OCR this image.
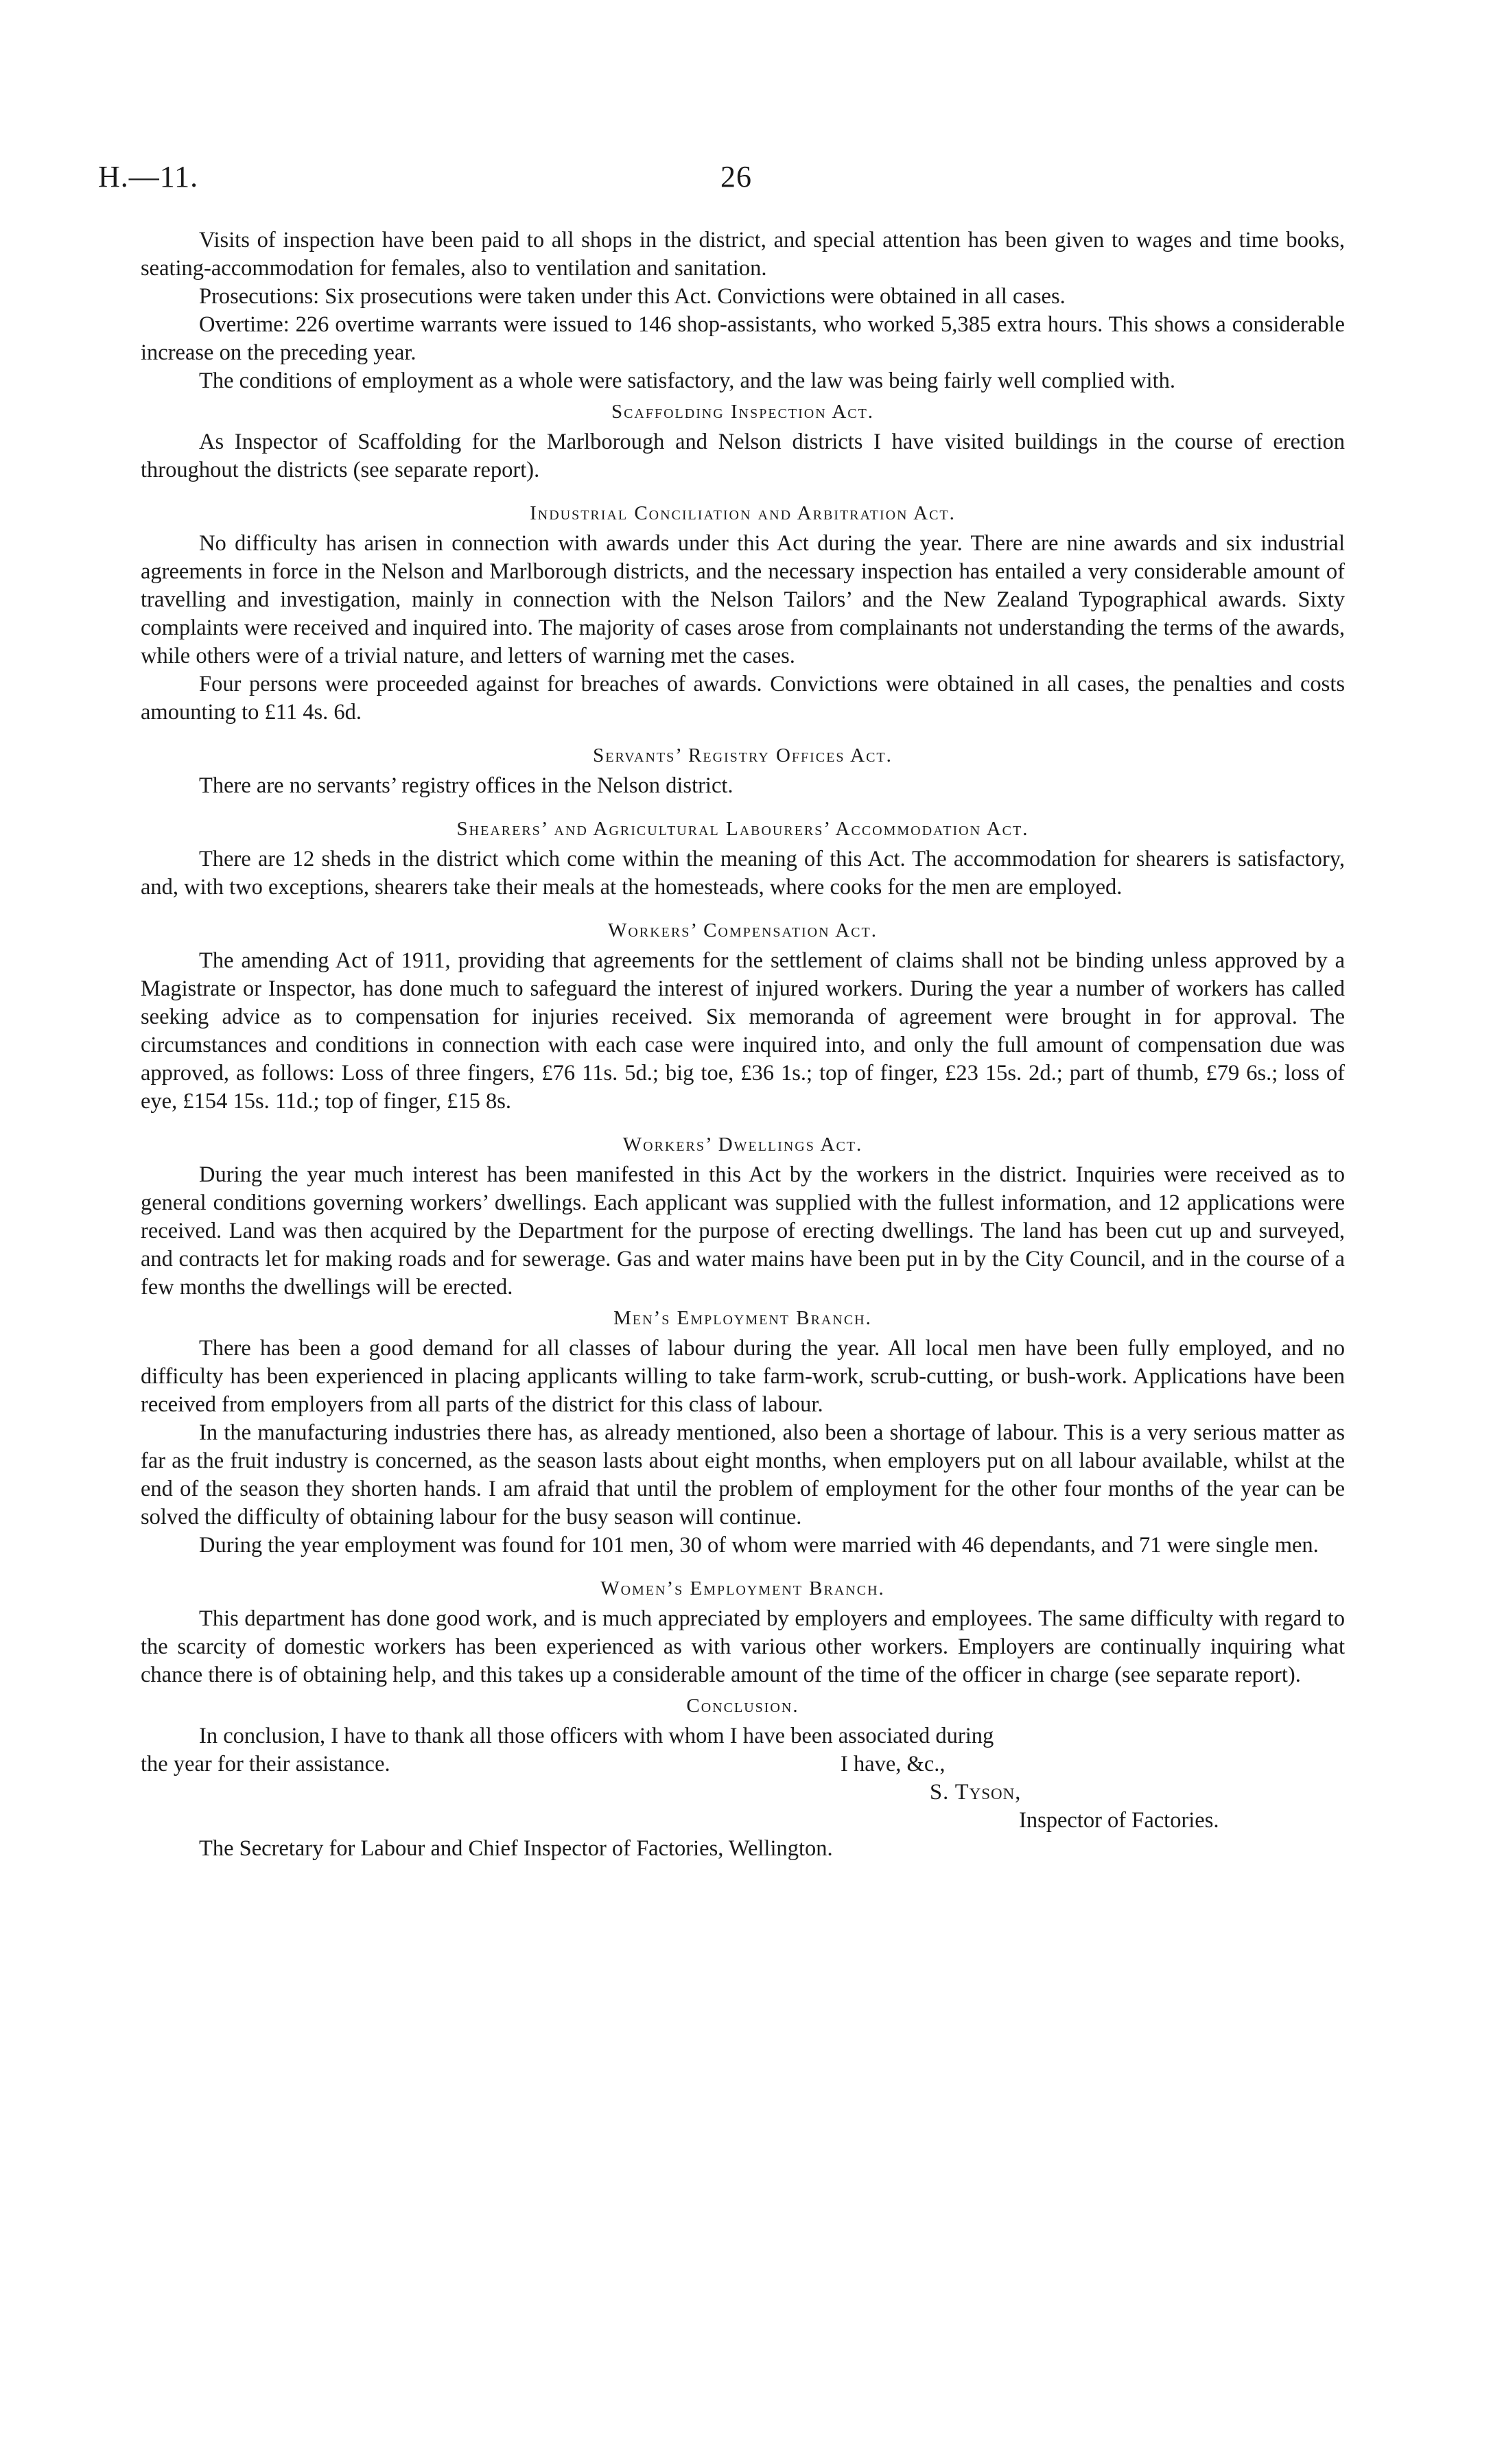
H.—11.	26

Visits of inspection have been paid to all shops in the district, and special attention has been given to wages and time books, seating-accommodation for females, also to ventilation and sanitation.

Prosecutions: Six prosecutions were taken under this Act. Convictions were obtained in all cases.

Overtime: 226 overtime warrants were issued to 146 shop-assistants, who worked 5,385 extra hours. This shows a considerable increase on the preceding year.

The conditions of employment as a whole were satisfactory, and the law was being fairly well complied with.

Scaffolding Inspection Act.

As Inspector of Scaffolding for the Marlborough and Nelson districts I have visited buildings in the course of erection throughout the districts (see separate report).

Industrial Conciliation and Arbitration Act.

No difficulty has arisen in connection with awards under this Act during the year. There are nine awards and six industrial agreements in force in the Nelson and Marlborough districts, and the necessary inspection has entailed a very considerable amount of travelling and investigation, mainly in connection with the Nelson Tailors’ and the New Zealand Typographical awards. Sixty complaints were received and inquired into. The majority of cases arose from complainants not understanding the terms of the awards, while others were of a trivial nature, and letters of warning met the cases.

Four persons were proceeded against for breaches of awards. Convictions were obtained in all cases, the penalties and costs amounting to £11 4s. 6d.

Servants’ Registry Offices Act.

There are no servants’ registry offices in the Nelson district.

Shearers’ and Agricultural Labourers’ Accommodation Act.

There are 12 sheds in the district which come within the meaning of this Act. The accommodation for shearers is satisfactory, and, with two exceptions, shearers take their meals at the homesteads, where cooks for the men are employed.

Workers’ Compensation Act.

The amending Act of 1911, providing that agreements for the settlement of claims shall not be binding unless approved by a Magistrate or Inspector, has done much to safeguard the interest of injured workers. During the year a number of workers has called seeking advice as to compensation for injuries received. Six memoranda of agreement were brought in for approval. The circumstances and conditions in connection with each case were inquired into, and only the full amount of compensation due was approved, as follows: Loss of three fingers, £76 11s. 5d.; big toe, £36 1s.; top of finger, £23 15s. 2d.; part of thumb, £79 6s.; loss of eye, £154 15s. 11d.; top of finger, £15 8s.

Workers’ Dwellings Act.

During the year much interest has been manifested in this Act by the workers in the district. Inquiries were received as to general conditions governing workers’ dwellings. Each applicant was supplied with the fullest information, and 12 applications were received. Land was then acquired by the Department for the purpose of erecting dwellings. The land has been cut up and surveyed, and contracts let for making roads and for sewerage. Gas and water mains have been put in by the City Council, and in the course of a few months the dwellings will be erected.

Men’s Employment Branch.

There has been a good demand for all classes of labour during the year. All local men have been fully employed, and no difficulty has been experienced in placing applicants willing to take farm-work, scrub-cutting, or bush-work. Applications have been received from employers from all parts of the district for this class of labour.

In the manufacturing industries there has, as already mentioned, also been a shortage of labour. This is a very serious matter as far as the fruit industry is concerned, as the season lasts about eight months, when employers put on all labour available, whilst at the end of the season they shorten hands. I am afraid that until the problem of employment for the other four months of the year can be solved the difficulty of obtaining labour for the busy season will continue.

During the year employment was found for 101 men, 30 of whom were married with 46 dependants, and 71 were single men.

Women’s Employment Branch.

This department has done good work, and is much appreciated by employers and employees. The same difficulty with regard to the scarcity of domestic workers has been experienced as with various other workers. Employers are continually inquiring what chance there is of obtaining help, and this takes up a considerable amount of the time of the officer in charge (see separate report).

Conclusion.

In conclusion, I have to thank all those officers with whom I have been associated during

the year for their assistance.	I have, &c.,
S. Tyson,
Inspector of Factories.

The Secretary for Labour and Chief Inspector of Factories, Wellington.
